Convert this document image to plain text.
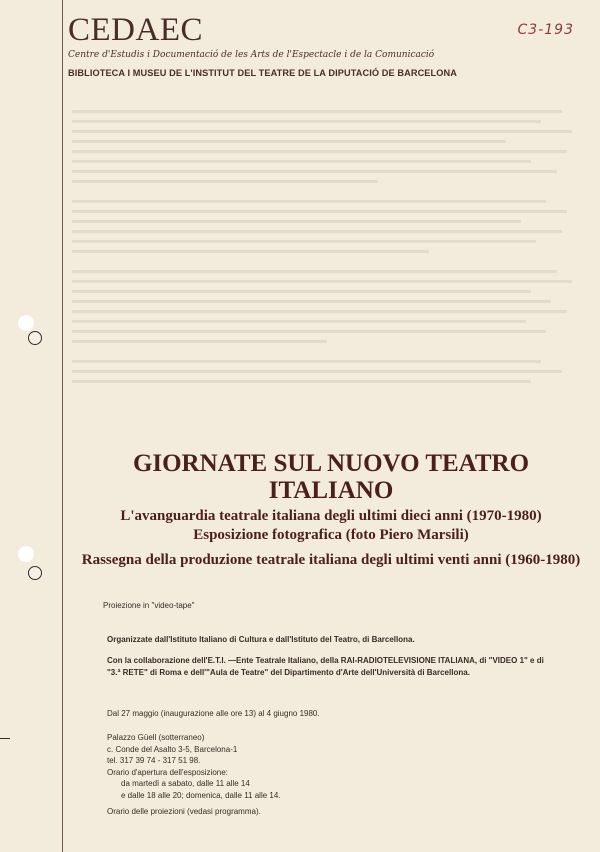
C3-193
CEDAEC
Centre d'Estudis i Documentació de les Arts de l'Espectacle i de la Comunicació
BIBLIOTECA I MUSEU DE L'INSTITUT DEL TEATRE DE LA DIPUTACIÓ DE BARCELONA
GIORNATE SUL NUOVO TEATRO
ITALIANO

L'avanguardia teatrale italiana degli ultimi dieci anni (1970-1980)

Esposizione fotografica (foto Piero Marsili)

Rassegna della produzione teatrale italiana degli ultimi venti anni (1960-1980)

Proiezione in "video-tape"
Organizzate dall'Istituto Italiano di Cultura e dall'Istituto del Teatro, di Barcellona.
Con la collaborazione dell'E.T.I. —Ente Teatrale Italiano, della RAI-RADIOTELEVISIONE ITALIANA, di "VIDEO 1" e di "3.ª RETE" di Roma e dell'"Aula de Teatre" del Dipartimento d'Arte dell'Università di Barcellona.
Dal 27 maggio (inaugurazione alle ore 13) al 4 giugno 1980.
Palazzo Güell (sotterraneo)
c. Conde del Asalto 3-5, Barcelona-1
tel. 317 39 74 - 317 51 98.
Orario d'apertura dell'esposizione:
da martedì a sabato, dalle 11 alle 14
e dalle 18 alle 20; domenica, dalle 11 alle 14.
Orario delle proiezioni (vedasi programma).
